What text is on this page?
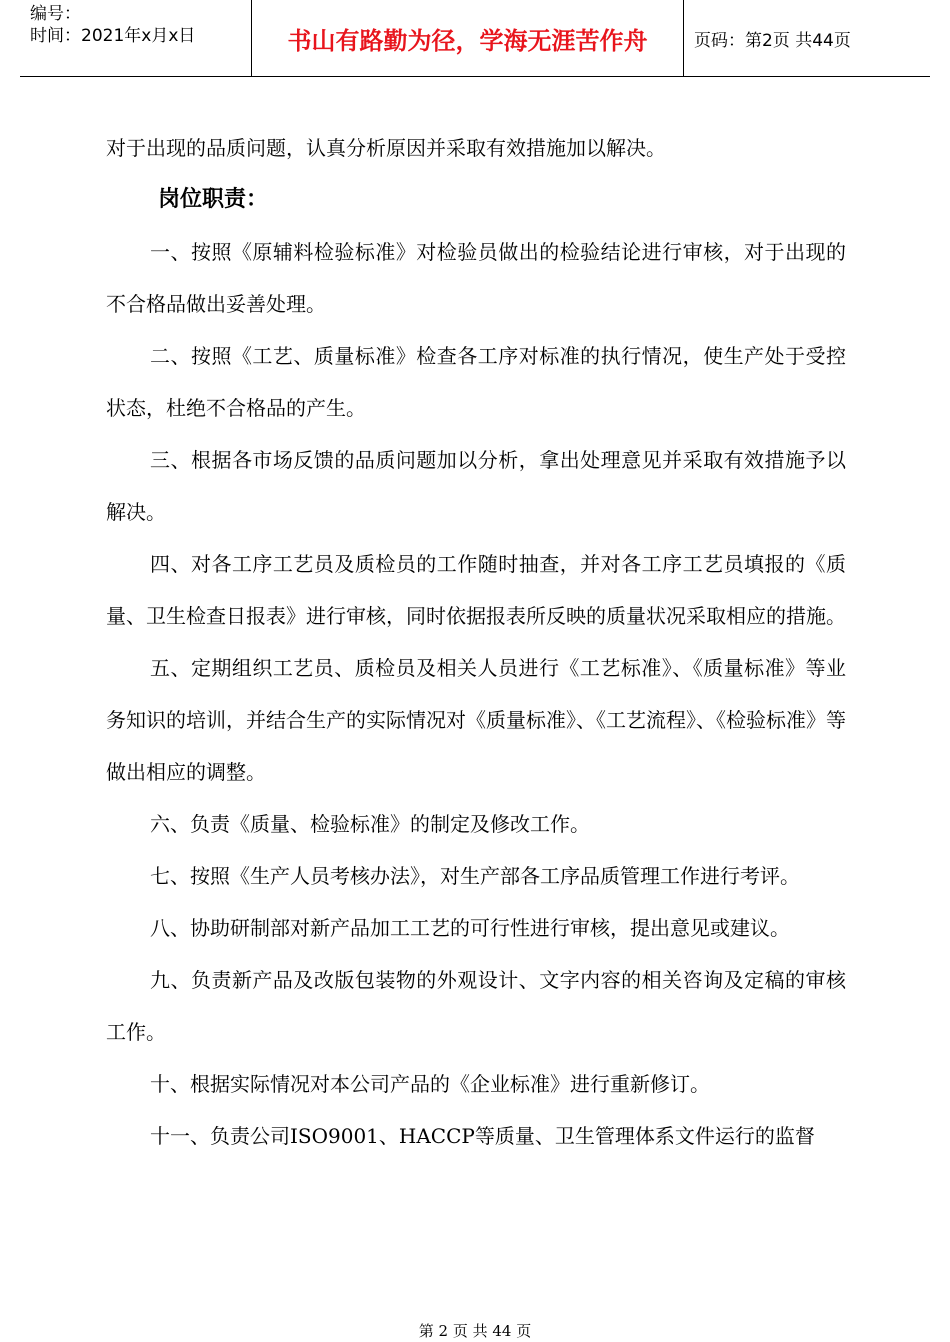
编号：
时间：2021年x月x日	书山有路勤为径，学海无涯苦作舟	页码：第2页 共44页

对于出现的品质问题，认真分析原因并采取有效措施加以解决。

岗位职责：

一、按照《原辅料检验标准》对检验员做出的检验结论进行审核，对于出现的不合格品做出妥善处理。

二、按照《工艺、质量标准》检查各工序对标准的执行情况，使生产处于受控状态，杜绝不合格品的产生。

三、根据各市场反馈的品质问题加以分析，拿出处理意见并采取有效措施予以解决。

四、对各工序工艺员及质检员的工作随时抽查，并对各工序工艺员填报的《质量、卫生检查日报表》进行审核，同时依据报表所反映的质量状况采取相应的措施。

五、定期组织工艺员、质检员及相关人员进行《工艺标准》、《质量标准》等业务知识的培训，并结合生产的实际情况对《质量标准》、《工艺流程》、《检验标准》等做出相应的调整。

六、负责《质量、检验标准》的制定及修改工作。

七、按照《生产人员考核办法》，对生产部各工序品质管理工作进行考评。

八、协助研制部对新产品加工工艺的可行性进行审核，提出意见或建议。

九、负责新产品及改版包装物的外观设计、文字内容的相关咨询及定稿的审核工作。

十、根据实际情况对本公司产品的《企业标准》进行重新修订。

十一、负责公司ISO9001、HACCP等质量、卫生管理体系文件运行的监督

第 2 页 共 44 页
